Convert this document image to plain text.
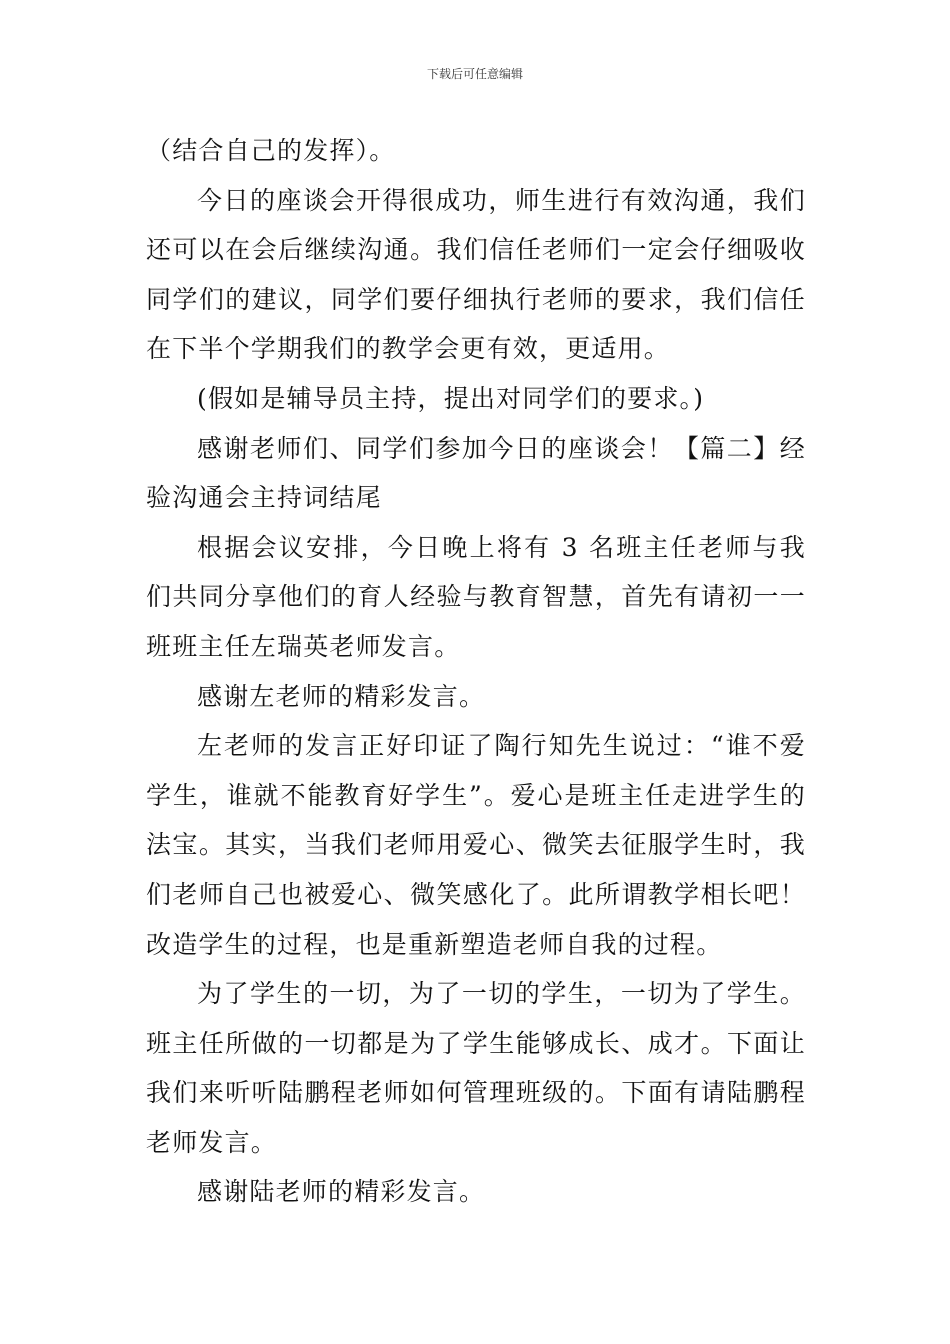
下载后可任意编辑

（结合自己的发挥）。

今日的座谈会开得很成功，师生进行有效沟通，我们还可以在会后继续沟通。我们信任老师们一定会仔细吸收同学们的建议，同学们要仔细执行老师的要求，我们信任在下半个学期我们的教学会更有效，更适用。

(假如是辅导员主持，提出对同学们的要求。)

感谢老师们、同学们参加今日的座谈会！【篇二】经验沟通会主持词结尾

根据会议安排，今日晚上将有 3 名班主任老师与我们共同分享他们的育人经验与教育智慧，首先有请初一一班班主任左瑞英老师发言。

感谢左老师的精彩发言。

左老师的发言正好印证了陶行知先生说过：“谁不爱学生，谁就不能教育好学生”。爱心是班主任走进学生的法宝。其实，当我们老师用爱心、微笑去征服学生时，我们老师自己也被爱心、微笑感化了。此所谓教学相长吧！改造学生的过程，也是重新塑造老师自我的过程。

为了学生的一切，为了一切的学生，一切为了学生。班主任所做的一切都是为了学生能够成长、成才。下面让我们来听听陆鹏程老师如何管理班级的。下面有请陆鹏程老师发言。

感谢陆老师的精彩发言。
